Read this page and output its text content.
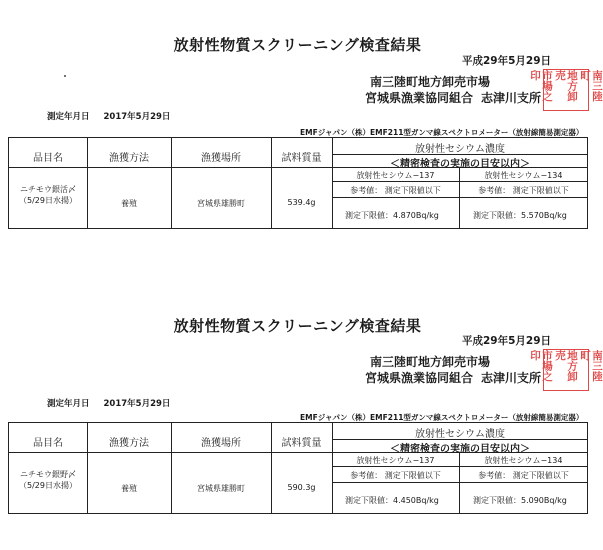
放射性物質スクリーニング検査結果
平成29年5月29日
南三陸町地方卸売市場
宮城県漁業協同組合 志津川支所	南三陸町
地方卸売
市場之印
測定年月日 2017年5月29日
EMFジャパン（株）EMF211型ガンマ線スペクトロメーター（放射線簡易測定器）
品目名	漁獲方法	漁獲場所	試料質量
放射性セシウム濃度
＜精密検査の実施の目安以内＞
ニチモウ銀活〆
（5/29日水揚）	養殖	宮城県雄勝町	539.4g
放射性セシウム−137	放射性セシウム−134
参考値： 測定下限値以下	参考値： 測定下限値以下
測定下限値：4.870Bq/kg	測定下限値：5.570Bq/kg
放射性物質スクリーニング検査結果
平成29年5月29日
南三陸町地方卸売市場
宮城県漁業協同組合 志津川支所	南三陸町
地方卸売
市場之印
測定年月日 2017年5月29日
EMFジャパン（株）EMF211型ガンマ線スペクトロメーター（放射線簡易測定器）
品目名	漁獲方法	漁獲場所	試料質量
放射性セシウム濃度
＜精密検査の実施の目安以内＞
ニチモウ銀野〆
（5/29日水揚）	養殖	宮城県雄勝町	590.3g
放射性セシウム−137	放射性セシウム−134
参考値： 測定下限値以下	参考値： 測定下限値以下
測定下限値：4.450Bq/kg	測定下限値：5.090Bq/kg
